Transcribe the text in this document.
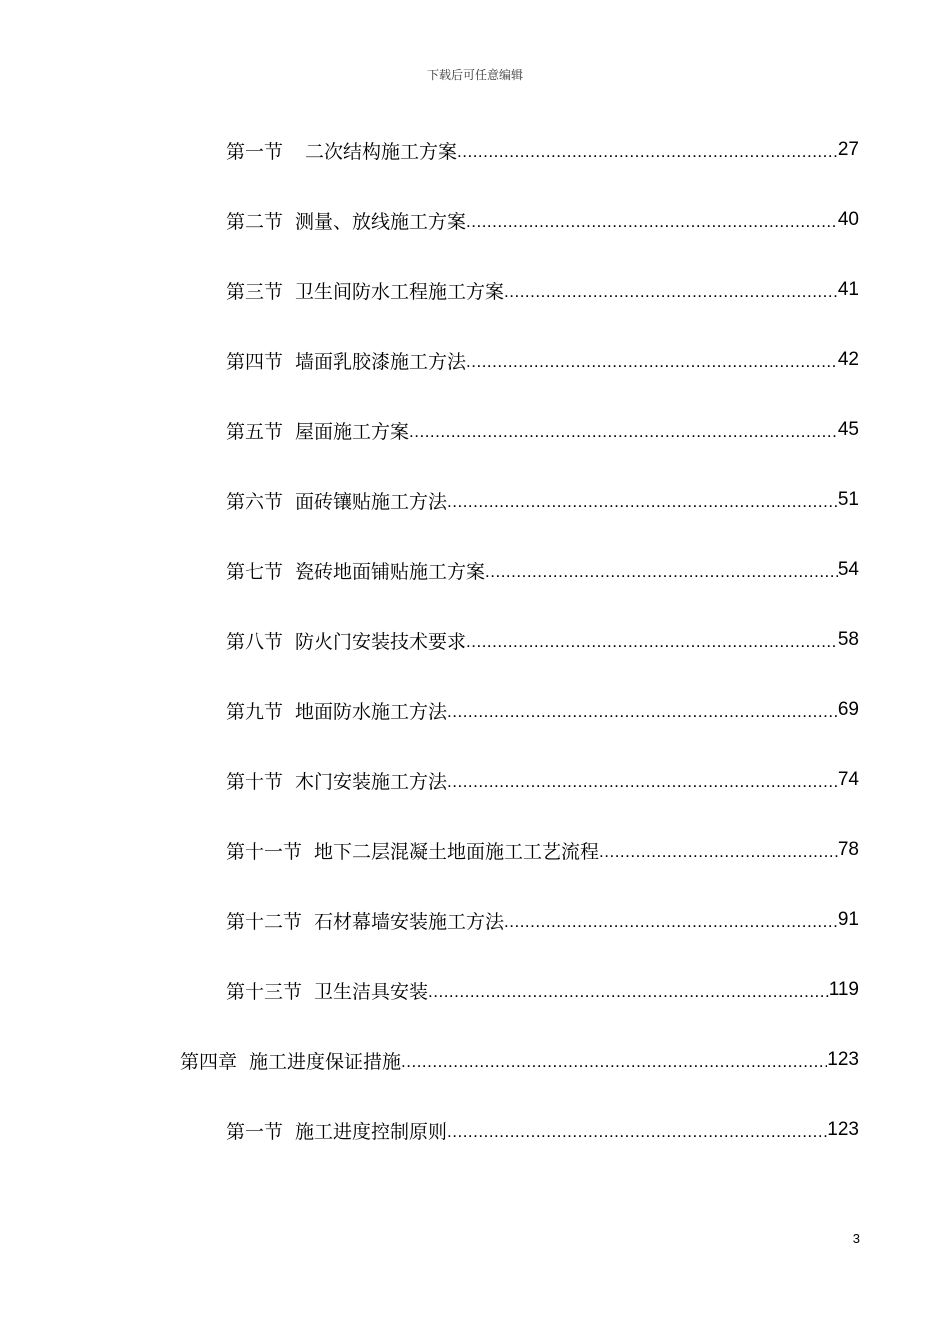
下载后可任意编辑
第一节 二次结构施工方案 .....	27
第二节 测量、放线施工方案 .....	40
第三节 卫生间防水工程施工方案 .....	41
第四节 墙面乳胶漆施工方法 .....	42
第五节 屋面施工方案 .....	45
第六节 面砖镶贴施工方法 .....	51
第七节 瓷砖地面铺贴施工方案 .....	54
第八节 防火门安装技术要求 .....	58
第九节 地面防水施工方法 .....	69
第十节 木门安装施工方法 .....	74
第十一节 地下二层混凝土地面施工工艺流程 .....	78
第十二节 石材幕墙安装施工方法 .....	91
第十三节 卫生洁具安装 .....	119
第四章 施工进度保证措施 .....	123
第一节 施工进度控制原则 .....	123
3
